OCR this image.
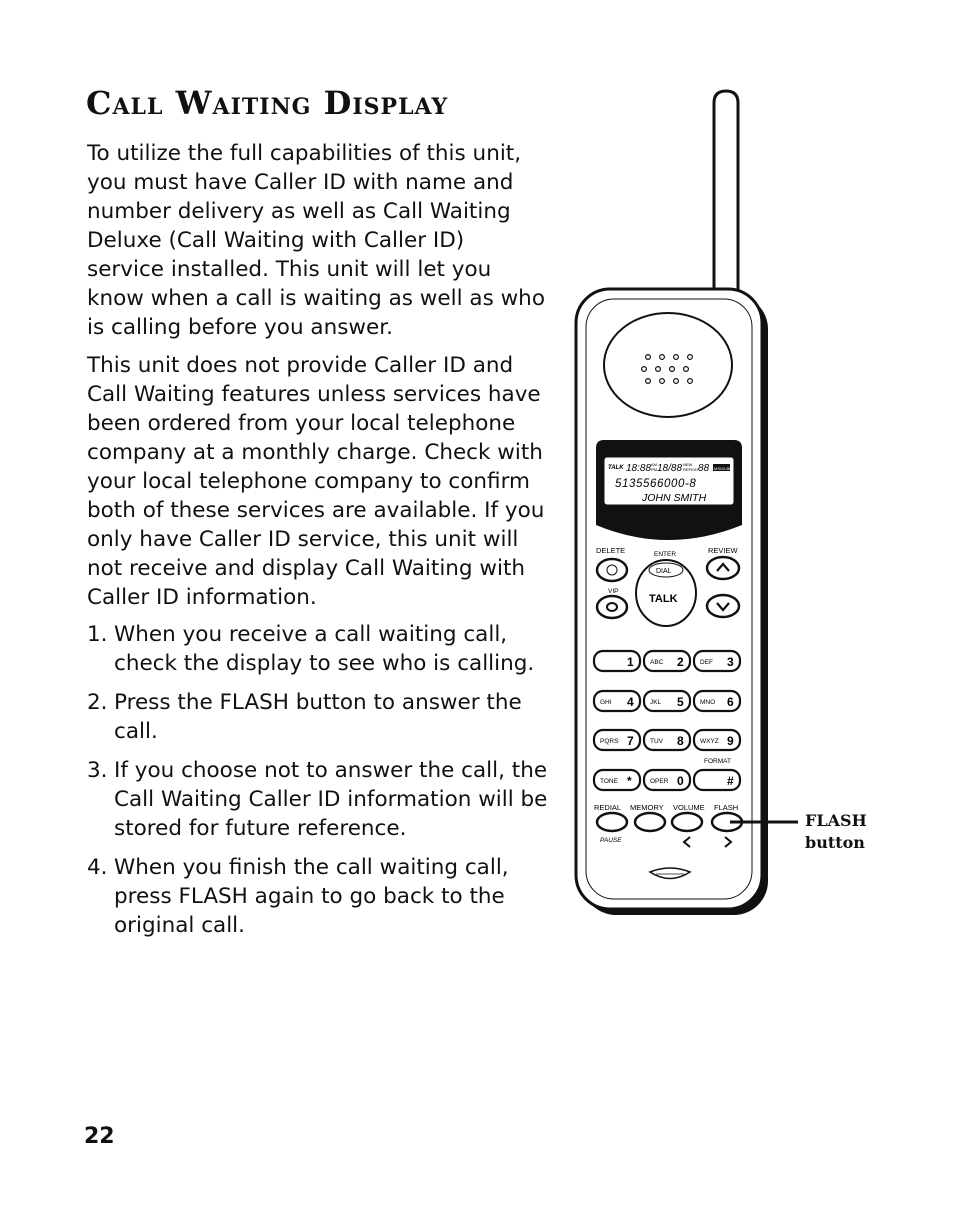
Call Waiting Display

To utilize the full capabilities of this unit, you must have Caller ID with name and number delivery as well as Call Waiting Deluxe (Call Waiting with Caller ID) service installed. This unit will let you know when a call is waiting as well as who is calling before you answer.

This unit does not provide Caller ID and Call Waiting features unless services have been ordered from your local telephone company at a monthly charge. Check with your local telephone company to confirm both of these services are available. If you only have Caller ID service, this unit will not receive and display Call Waiting with Caller ID information.

1. When you receive a call waiting call, check the display to see who is calling.
2. Press the FLASH button to answer the call.
3. If you choose not to answer the call, the Call Waiting Caller ID information will be stored for future reference.
4. When you finish the call waiting call, press FLASH again to go back to the original call.
22
TALK 18:88 AM
PM 18/88 NEW
REPEAT 88 MSG/LBR
5135566000-8
JOHN SMITH
DELETE	ENTER	REVIEW
VIP
DIAL
TALK
1	ABC 2	DEF 3
GHI 4	JKL 5	MNO 6
PQRS 7	TUV 8	WXYZ 9
TONE *	OPER 0	#
FORMAT
REDIAL MEMORY VOLUME FLASH
PAUSE
FLASH
button
